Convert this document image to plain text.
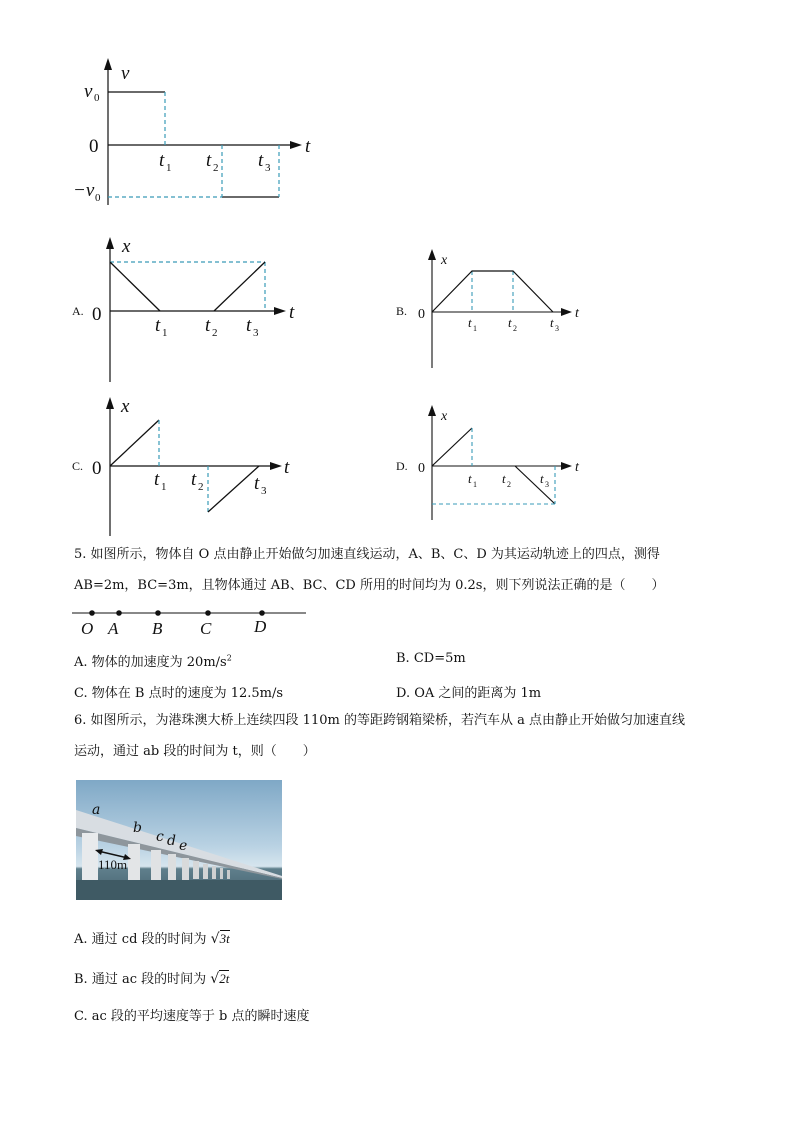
v
t
v 0
0
−v 0
t 1 t 2 t 3
A.
x
t
0
t 1 t 2 t 3
B.
x
t
0
t 1 t 2	t 3
C.
x
t
0
t 1 t 2	t 3
D.
x
t
0
t 1 t 2 t 3
5. 如图所示，物体自 O 点由静止开始做匀加速直线运动，A、B、C、D 为其运动轨迹上的四点，测得
AB=2m，BC=3m，且物体通过 AB、BC、CD 所用的时间均为 0.2s，则下列说法正确的是（　　）
O A B C	D
A. 物体的加速度为 $20m/s^2$	B. CD=5m
C. 物体在 B 点时的速度为 12.5m/s	D. OA 之间的距离为 1m
6. 如图所示，为港珠澳大桥上连续四段 110m 的等距跨钢箱梁桥，若汽车从 a 点由静止开始做匀加速直线
运动，通过 ab 段的时间为 t，则（　　）
a
b
c d e
110m
A. 通过 cd 段的时间为 √3t
B. 通过 ac 段的时间为 √2t
C. ac 段的平均速度等于 b 点的瞬时速度
